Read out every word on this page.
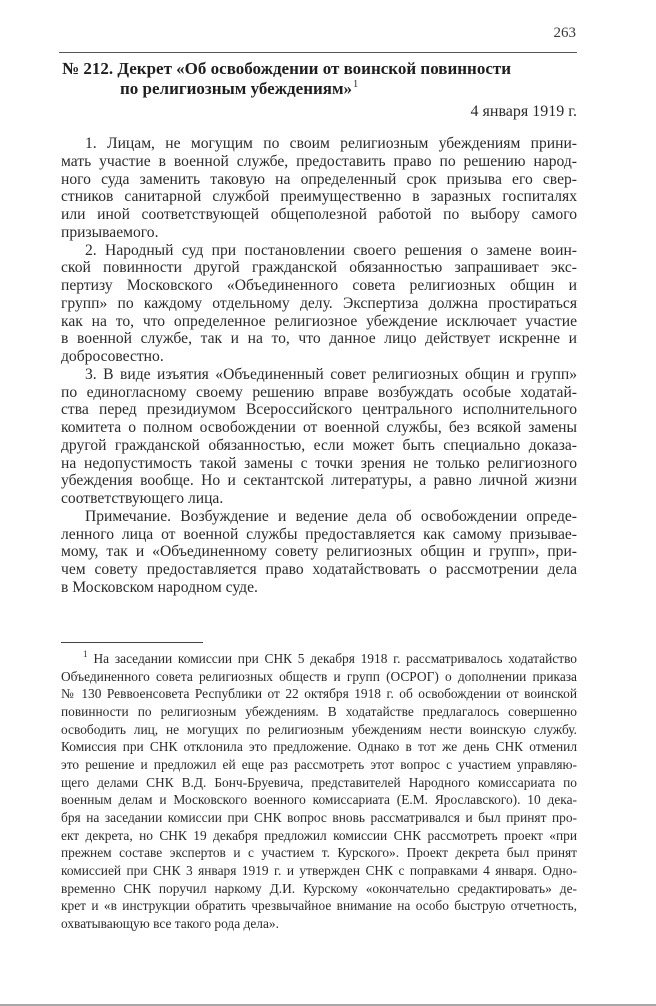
263
№ 212. Декрет «Об освобождении от воинской повинности
по религиозным убеждениям»$^1$
4 января 1919 г.

1. Лицам, не могущим по своим религиозным убеждениям прини-
мать участие в военной службе, предоставить право по решению народ-
ного суда заменить таковую на определенный срок призыва его свер-
стников санитарной службой преимущественно в заразных госпиталях
или иной соответствующей общеполезной работой по выбору самого
призываемого.

2. Народный суд при постановлении своего решения о замене воин-
ской повинности другой гражданской обязанностью запрашивает экс-
пертизу Московского «Объединенного совета религиозных общин и
групп» по каждому отдельному делу. Экспертиза должна простираться
как на то, что определенное религиозное убеждение исключает участие
в военной службе, так и на то, что данное лицо действует искренне и
добросовестно.

3. В виде изъятия «Объединенный совет религиозных общин и групп»
по единогласному своему решению вправе возбуждать особые ходатай-
ства перед президиумом Всероссийского центрального исполнительного
комитета о полном освобождении от военной службы, без всякой замены
другой гражданской обязанностью, если может быть специально доказа-
на недопустимость такой замены с точки зрения не только религиозного
убеждения вообще. Но и сектантской литературы, а равно личной жизни
соответствующего лица.

Примечание. Возбуждение и ведение дела об освобождении опреде-
ленного лица от военной службы предоставляется как самому призывае-
мому, так и «Объединенному совету религиозных общин и групп», при-
чем совету предоставляется право ходатайствовать о рассмотрении дела
в Московском народном суде.

$^1$ На заседании комиссии при СНК 5 декабря 1918 г. рассматривалось ходатайство
Объединенного совета религиозных обществ и групп (ОСРОГ) о дополнении приказа
№ 130 Реввоенсовета Республики от 22 октября 1918 г. об освобождении от воинской
повинности по религиозным убеждениям. В ходатайстве предлагалось совершенно
освободить лиц, не могущих по религиозным убеждениям нести воинскую службу.
Комиссия при СНК отклонила это предложение. Однако в тот же день СНК отменил
это решение и предложил ей еще раз рассмотреть этот вопрос с участием управляю-
щего делами СНК В.Д. Бонч-Бруевича, представителей Народного комиссариата по
военным делам и Московского военного комиссариата (Е.М. Ярославского). 10 дека-
бря на заседании комиссии при СНК вопрос вновь рассматривался и был принят про-
ект декрета, но СНК 19 декабря предложил комиссии СНК рассмотреть проект «при
прежнем составе экспертов и с участием т. Курского». Проект декрета был принят
комиссией при СНК 3 января 1919 г. и утвержден СНК с поправками 4 января. Одно-
временно СНК поручил наркому Д.И. Курскому «окончательно средактировать» де-
крет и «в инструкции обратить чрезвычайное внимание на особо быструю отчетность,
охватывающую все такого рода дела».
